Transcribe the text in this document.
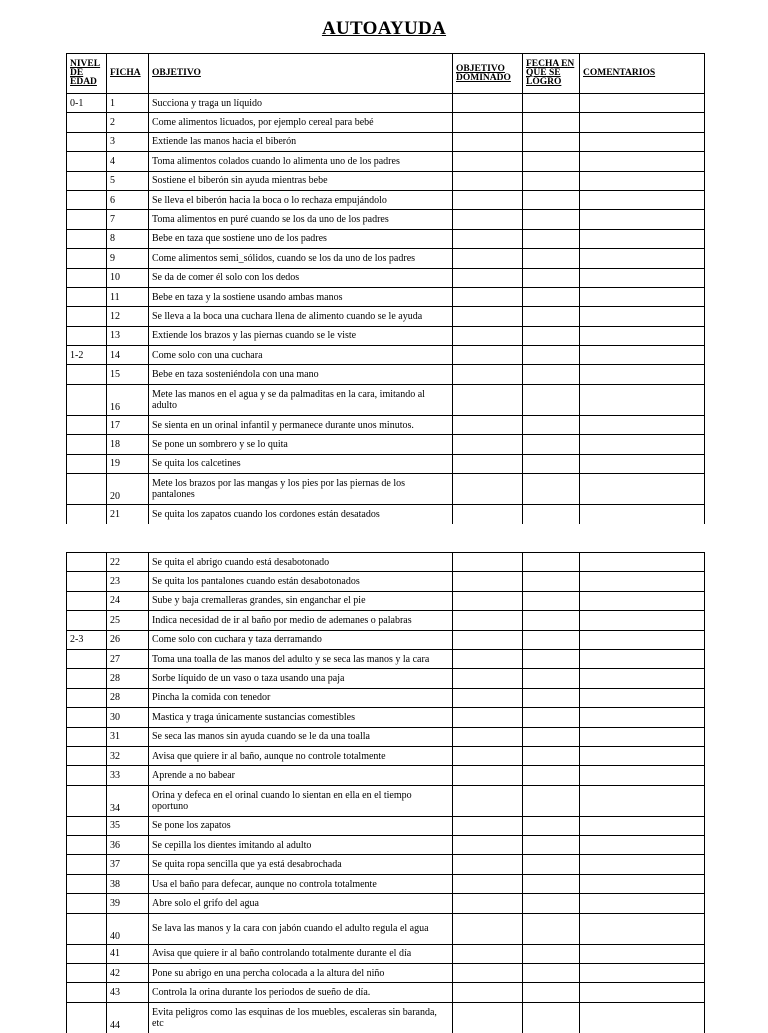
AUTOAYUDA
NIVEL DE EDAD	FICHA	OBJETIVO	OBJETIVO DOMINADO	FECHA EN QUE SE LOGRO	COMENTARIOS
0-1	1	Succiona y traga un líquido			
	2	Come alimentos licuados, por ejemplo cereal para bebé			
	3	Extiende las manos hacia el biberón			
	4	Toma alimentos colados cuando lo alimenta uno de los padres			
	5	Sostiene el biberón sin ayuda mientras bebe			
	6	Se lleva el biberón hacia la boca o lo rechaza empujándolo			
	7	Toma alimentos en puré cuando se los da uno de los padres			
	8	Bebe en taza que sostiene uno de los padres			
	9	Come alimentos semi_sólidos, cuando se los da uno de los padres			
	10	Se da de comer él solo con los dedos			
	11	Bebe en taza y la sostiene usando ambas manos			
	12	Se lleva a la boca una cuchara llena de alimento cuando se le ayuda			
	13	Extiende los brazos y las piernas cuando se le viste			
1-2	14	Come solo con una cuchara			
	15	Bebe en taza sosteniéndola con una mano			
	16	Mete las manos en el agua y se da palmaditas en la cara, imitando al adulto			
	17	Se sienta en un orinal infantil y permanece durante unos minutos.			
	18	Se pone un sombrero y se lo quita			
	19	Se quita los calcetines			
	20	Mete los brazos por las mangas y los pies por las piernas de los pantalones			
	21	Se quita los zapatos cuando los cordones están desatados			
	22	Se quita el abrigo cuando está desabotonado			
	23	Se quita los pantalones cuando están desabotonados			
	24	Sube y baja cremalleras grandes, sin enganchar el pie			
	25	Indica necesidad de ir al baño por medio de ademanes o palabras			
2-3	26	Come solo con cuchara y taza derramando			
	27	Toma una toalla de las manos del adulto y se seca las manos y la cara			
	28	Sorbe líquido de un vaso o taza usando una paja			
	28	Pincha la comida con tenedor			
	30	Mastica y traga únicamente sustancias comestibles			
	31	Se seca las manos sin ayuda cuando se le da una toalla			
	32	Avisa que quiere ir al baño, aunque no controle totalmente			
	33	Aprende a no babear			
	34	Orina y defeca en el orinal cuando lo sientan en ella en el tiempo oportuno			
	35	Se pone los zapatos			
	36	Se cepilla los dientes imitando al adulto			
	37	Se quita ropa sencilla que ya está desabrochada			
	38	Usa el baño para defecar, aunque no controla totalmente			
	39	Abre solo el grifo del agua			
	40	Se lava las manos y la cara con jabón cuando el adulto regula el agua			
	41	Avisa que quiere ir al baño controlando totalmente durante el día			
	42	Pone su abrigo en una percha colocada a la altura del niño			
	43	Controla la orina durante los periodos de sueño de día.			
	44	Evita peligros como las esquinas de los muebles, escaleras sin baranda, etc			
